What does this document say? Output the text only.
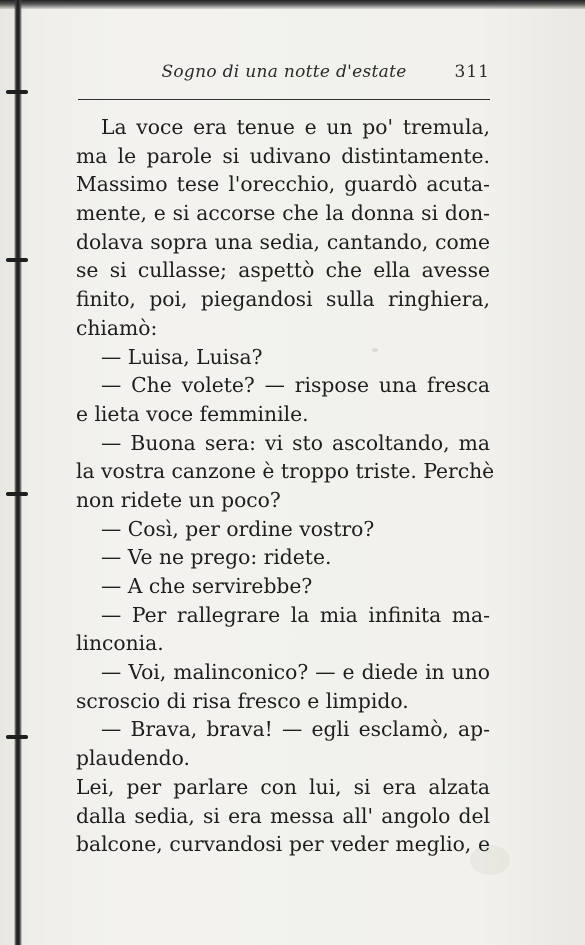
Sogno di una notte d'estate	311
La voce era tenue e un po' tremula,
ma le parole si udivano distintamente.
Massimo tese l'orecchio, guardò acuta-
mente, e si accorse che la donna si don-
dolava sopra una sedia, cantando, come
se si cullasse; aspettò che ella avesse
finito, poi, piegandosi sulla ringhiera,
chiamò:
— Luisa, Luisa?
— Che volete? — rispose una fresca
e lieta voce femminile.
— Buona sera: vi sto ascoltando, ma
la vostra canzone è troppo triste. Perchè
non ridete un poco?
— Così, per ordine vostro?
— Ve ne prego: ridete.
— A che servirebbe?
— Per rallegrare la mia infinita ma-
linconia.
— Voi, malinconico? — e diede in uno
scroscio di risa fresco e limpido.
— Brava, brava! — egli esclamò, ap-
plaudendo.
Lei, per parlare con lui, si era alzata
dalla sedia, si era messa all' angolo del
balcone, curvandosi per veder meglio, e
